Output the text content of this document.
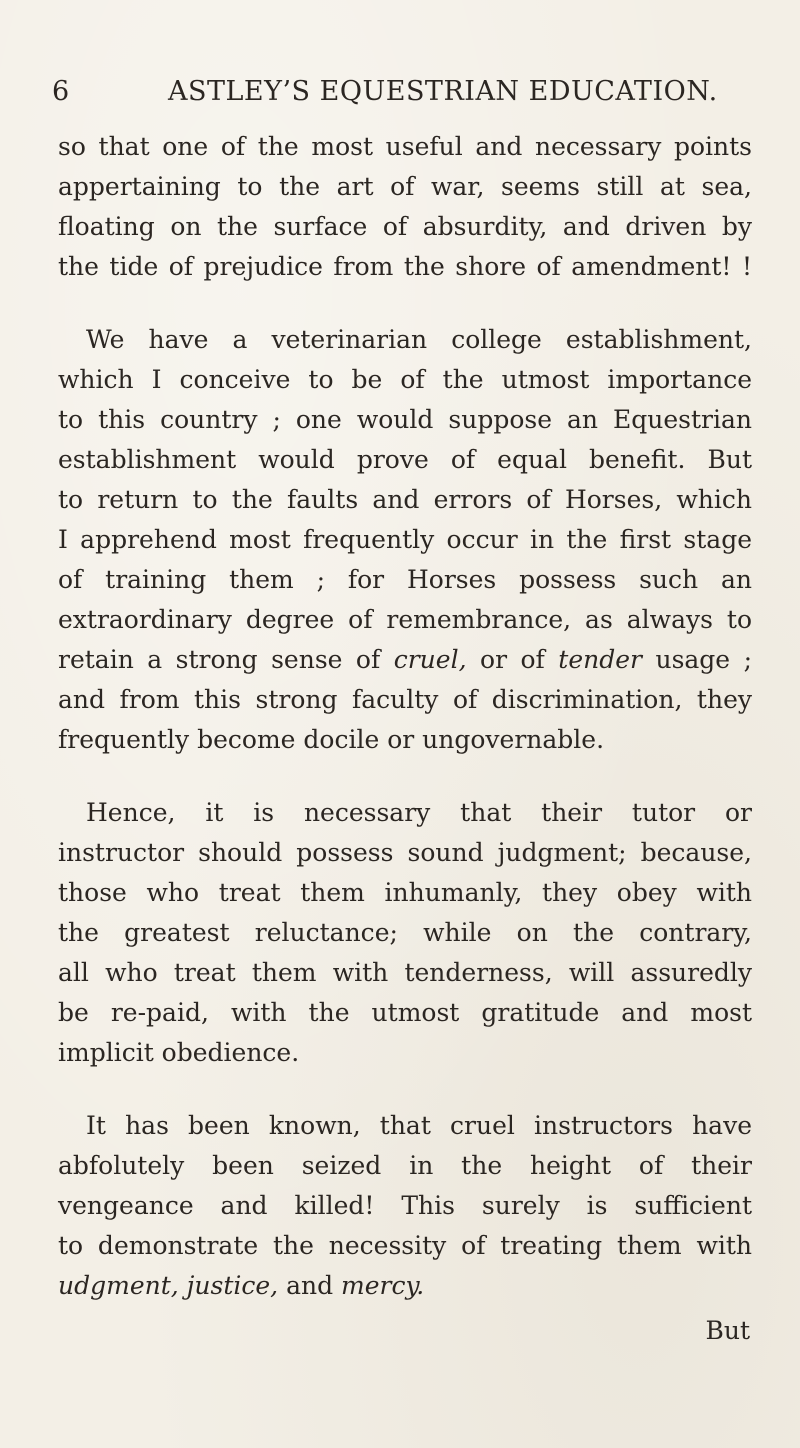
6	ASTLEY’S EQUESTRIAN EDUCATION.
so that one of the most useful and necessary points
appertaining to the art of war, seems still at sea,
floating on the surface of absurdity, and driven by
the tide of prejudice from the shore of amendment! !
We have a veterinarian college establishment,
which I conceive to be of the utmost importance
to this country ; one would suppose an Equestrian
establishment would prove of equal benefit. But
to return to the faults and errors of Horses, which
I apprehend most frequently occur in the first stage
of training them ; for Horses possess such an
extraordinary degree of remembrance, as always to
retain a strong sense of cruel, or of tender usage ;
and from this strong faculty of discrimination, they
frequently become docile or ungovernable.
Hence, it is necessary that their tutor or
instructor should possess sound judgment; because,
those who treat them inhumanly, they obey with
the greatest reluctance; while on the contrary,
all who treat them with tenderness, will assuredly
be re-paid, with the utmost gratitude and most
implicit obedience.
It has been known, that cruel instructors have
abfolutely been seized in the height of their
vengeance and killed! This surely is sufficient
to demonstrate the necessity of treating them with
udgment, justice, and mercy.
But
